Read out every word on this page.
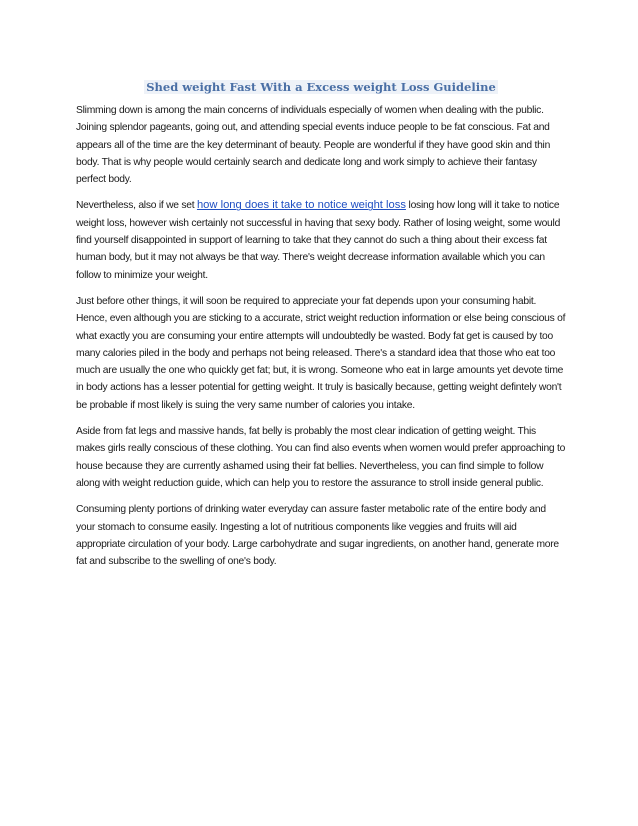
Shed weight Fast With a Excess weight Loss Guideline

Slimming down is among the main concerns of individuals especially of women when dealing with the public. Joining splendor pageants, going out, and attending special events induce people to be fat conscious. Fat and appears all of the time are the key determinant of beauty. People are wonderful if they have good skin and thin body. That is why people would certainly search and dedicate long and work simply to achieve their fantasy perfect body.

Nevertheless, also if we set how long does it take to notice weight loss losing how long will it take to notice weight loss, however wish certainly not successful in having that sexy body. Rather of losing weight, some would find yourself disappointed in support of learning to take that they cannot do such a thing about their excess fat human body, but it may not always be that way. There's weight decrease information available which you can follow to minimize your weight.

Just before other things, it will soon be required to appreciate your fat depends upon your consuming habit. Hence, even although you are sticking to a accurate, strict weight reduction information or else being conscious of what exactly you are consuming your entire attempts will undoubtedly be wasted. Body fat get is caused by too many calories piled in the body and perhaps not being released. There's a standard idea that those who eat too much are usually the one who quickly get fat; but, it is wrong. Someone who eat in large amounts yet devote time in body actions has a lesser potential for getting weight. It truly is basically because, getting weight defintely won't be probable if most likely is suing the very same number of calories you intake.

Aside from fat legs and massive hands, fat belly is probably the most clear indication of getting weight. This makes girls really conscious of these clothing. You can find also events when women would prefer approaching to house because they are currently ashamed using their fat bellies. Nevertheless, you can find simple to follow along with weight reduction guide, which can help you to restore the assurance to stroll inside general public.

Consuming plenty portions of drinking water everyday can assure faster metabolic rate of the entire body and your stomach to consume easily. Ingesting a lot of nutritious components like veggies and fruits will aid appropriate circulation of your body. Large carbohydrate and sugar ingredients, on another hand, generate more fat and subscribe to the swelling of one's body.
